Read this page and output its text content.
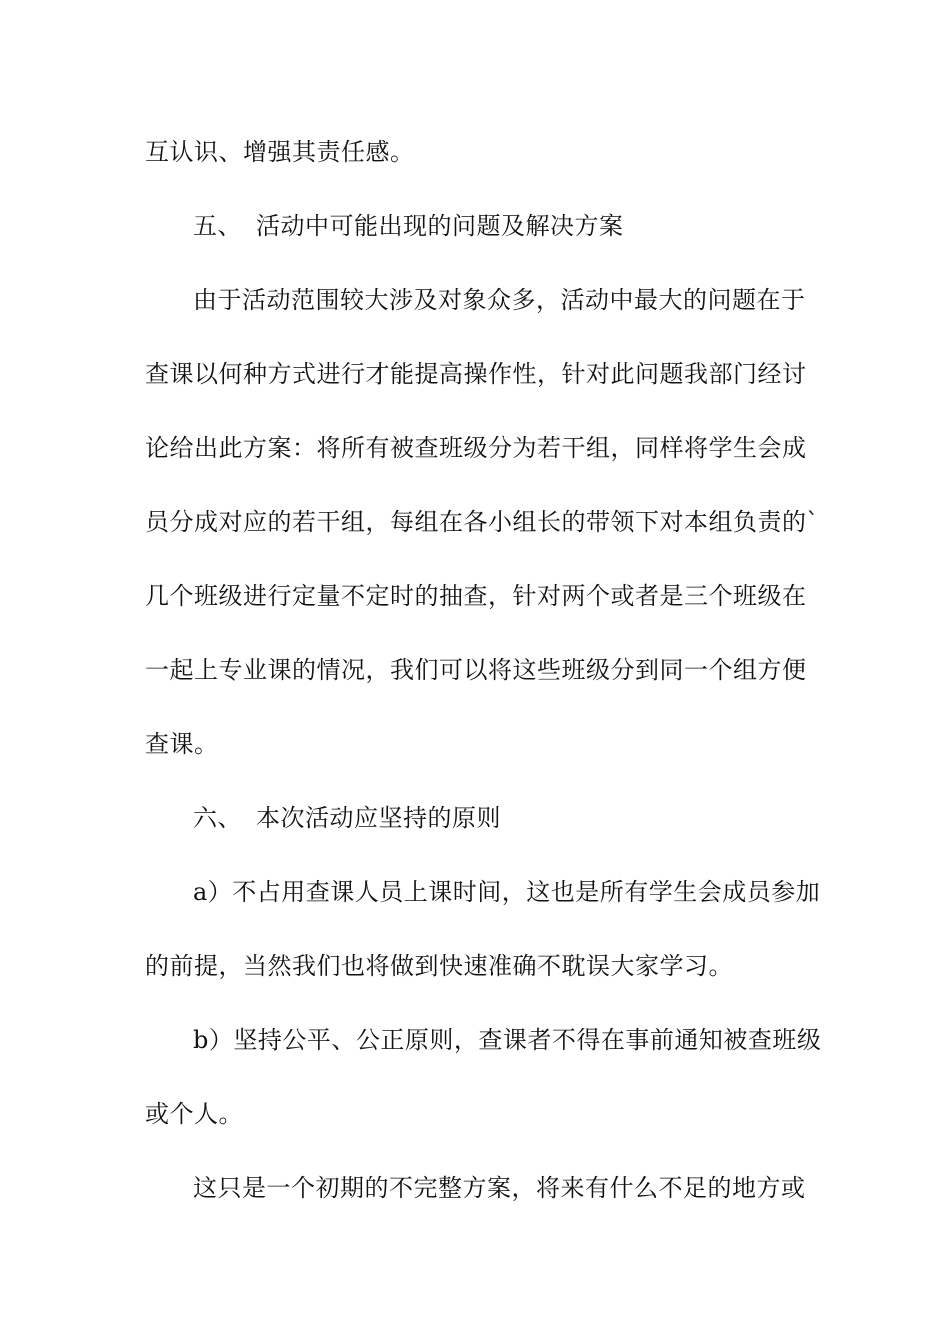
互认识、增强其责任感。
五、 活动中可能出现的问题及解决方案
由于活动范围较大涉及对象众多，活动中最大的问题在于
查课以何种方式进行才能提高操作性，针对此问题我部门经讨
论给出此方案：将所有被查班级分为若干组，同样将学生会成
员分成对应的若干组，每组在各小组长的带领下对本组负责的`
几个班级进行定量不定时的抽查，针对两个或者是三个班级在
一起上专业课的情况，我们可以将这些班级分到同一个组方便
查课。
六、 本次活动应坚持的原则
a）不占用查课人员上课时间，这也是所有学生会成员参加
的前提，当然我们也将做到快速准确不耽误大家学习。
b）坚持公平、公正原则，查课者不得在事前通知被查班级
或个人。
这只是一个初期的不完整方案，将来有什么不足的地方或
